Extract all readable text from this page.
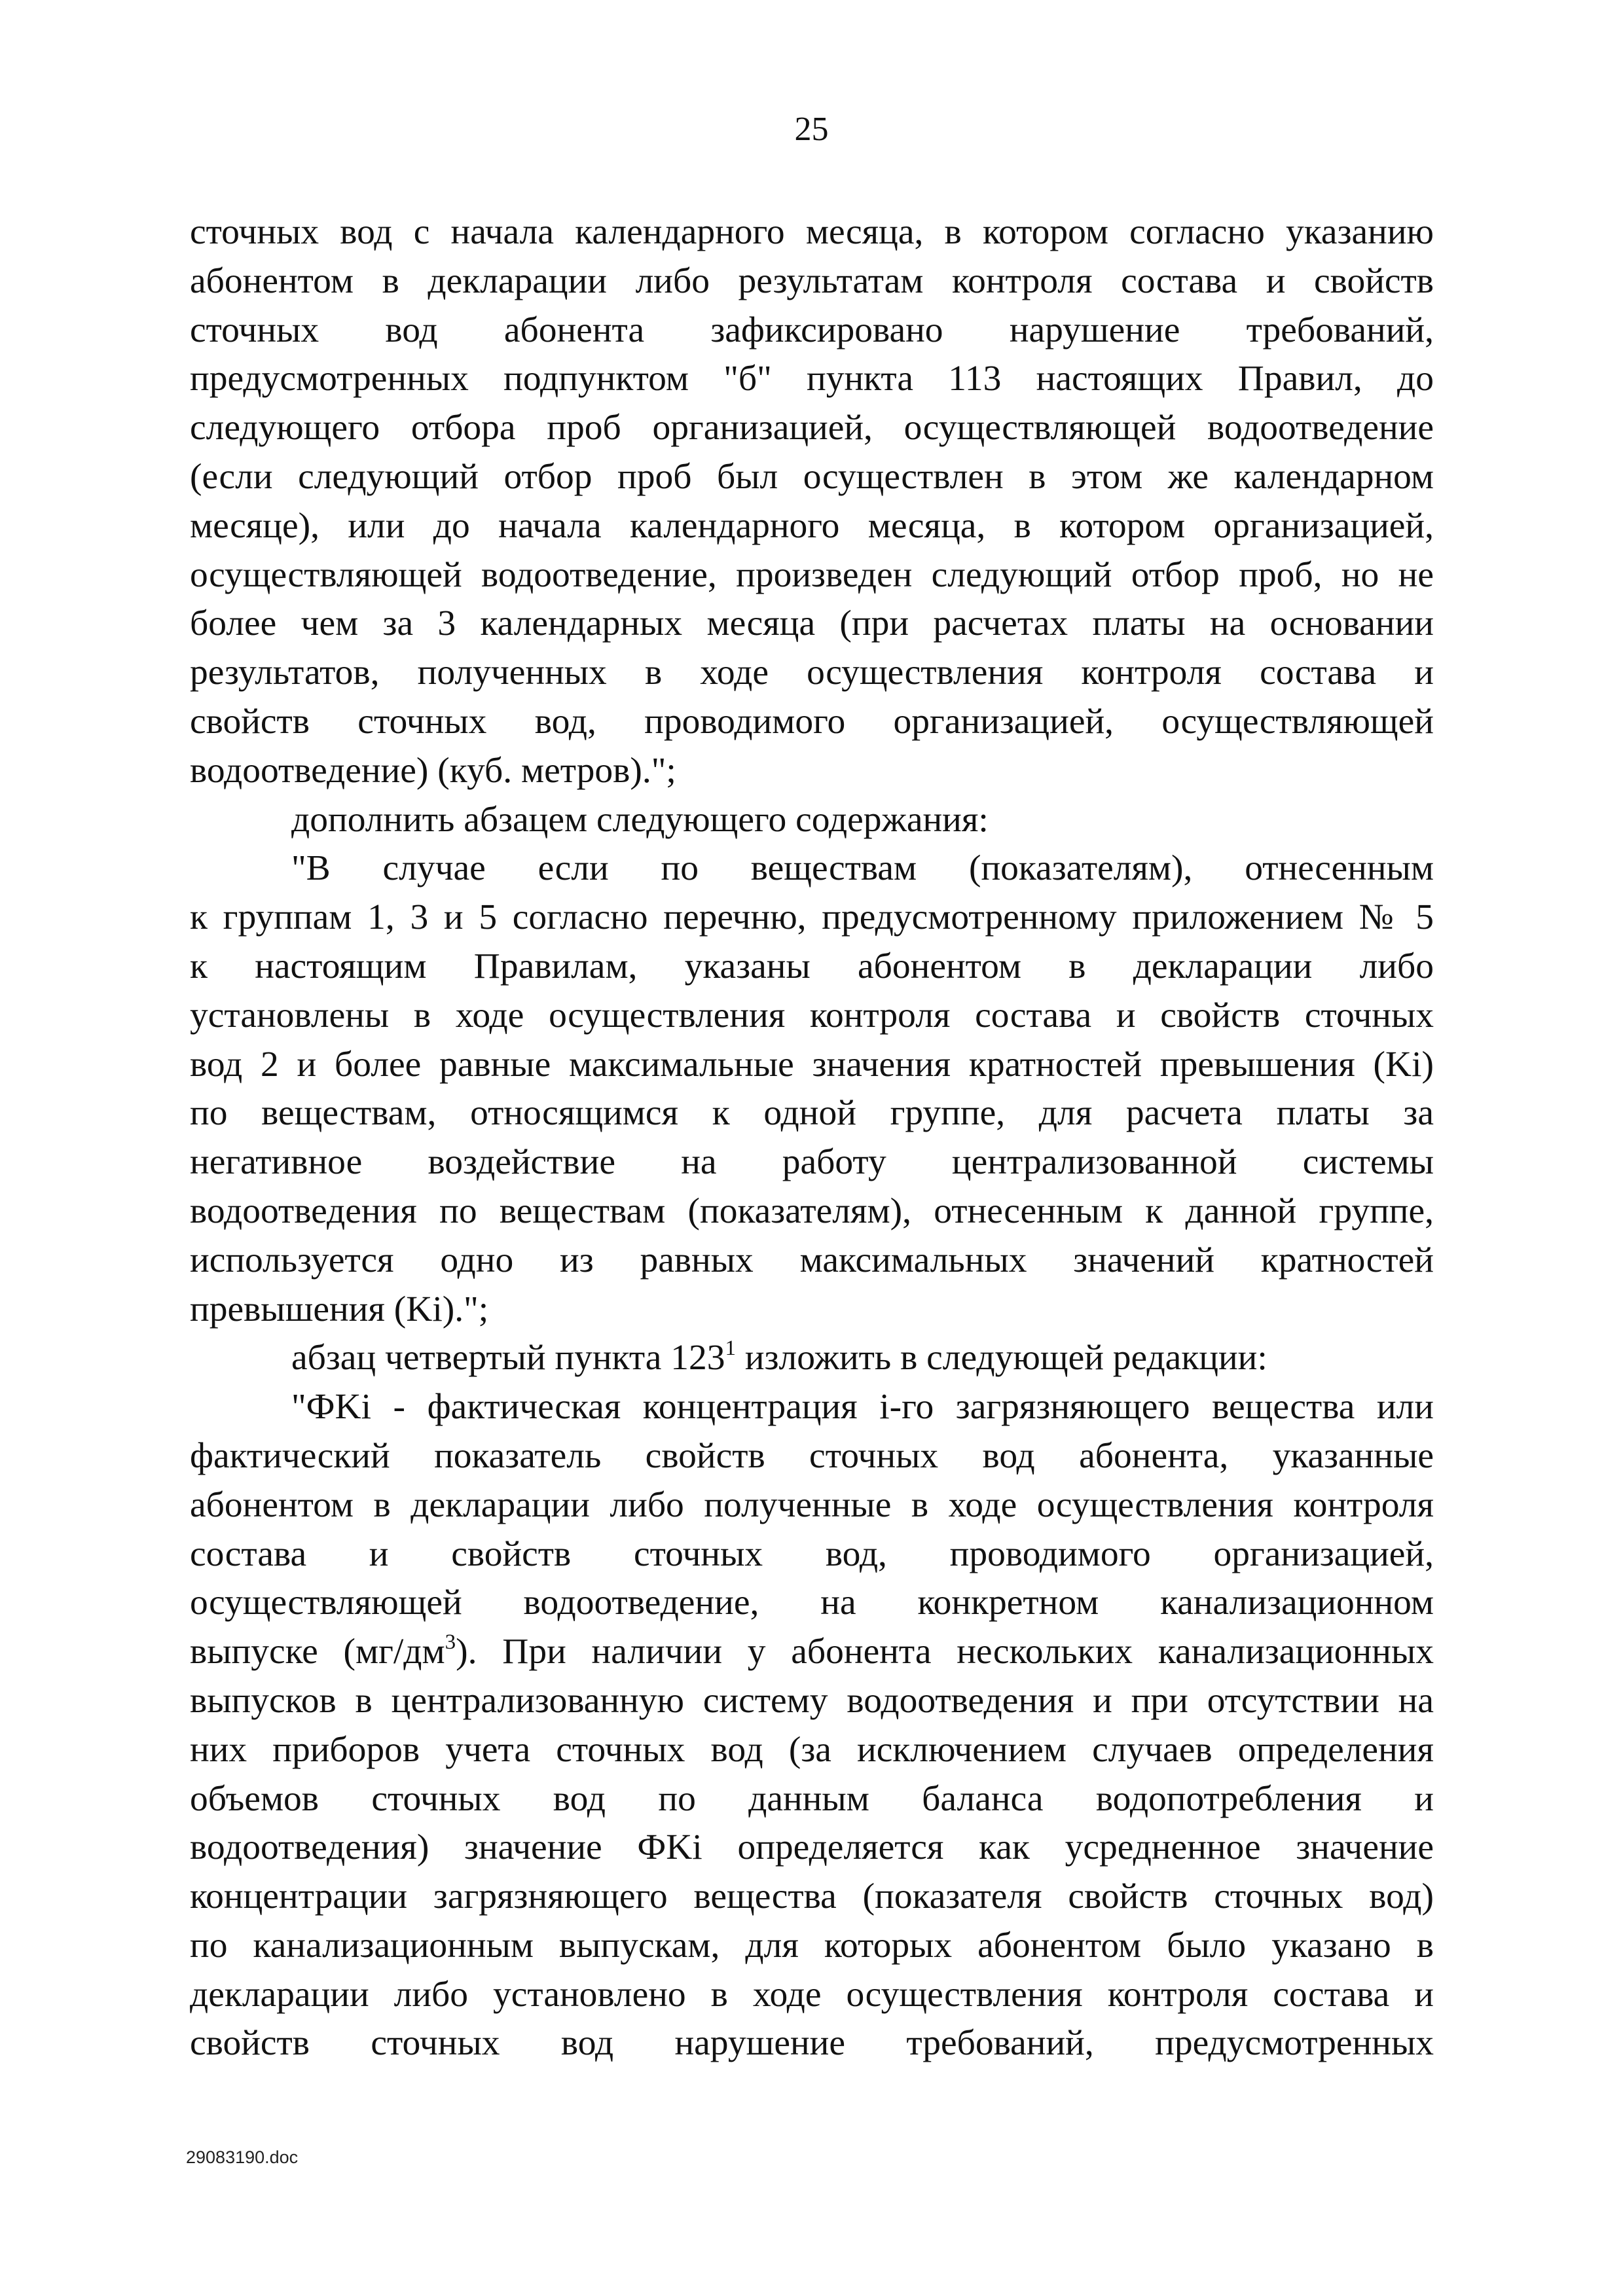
25
сточных вод с начала календарного месяца, в котором согласно указанию
абонентом в декларации либо результатам контроля состава и свойств
сточных вод абонента зафиксировано нарушение требований,
предусмотренных подпунктом "б" пункта 113 настоящих Правил, до
следующего отбора проб организацией, осуществляющей водоотведение
(если следующий отбор проб был осуществлен в этом же календарном
месяце), или до начала календарного месяца, в котором организацией,
осуществляющей водоотведение, произведен следующий отбор проб, но не
более чем за 3 календарных месяца (при расчетах платы на основании
результатов, полученных в ходе осуществления контроля состава и
свойств сточных вод, проводимого организацией, осуществляющей
водоотведение) (куб. метров).";
дополнить абзацем следующего содержания:
"В случае если по веществам (показателям), отнесенным
к группам 1, 3 и 5 согласно перечню, предусмотренному приложением № 5
к настоящим Правилам, указаны абонентом в декларации либо
установлены в ходе осуществления контроля состава и свойств сточных
вод 2 и более равные максимальные значения кратностей превышения (Ki)
по веществам, относящимся к одной группе, для расчета платы за
негативное воздействие на работу централизованной системы
водоотведения по веществам (показателям), отнесенным к данной группе,
используется одно из равных максимальных значений кратностей
превышения (Ki).";
абзац четвертый пункта $123^1$ изложить в следующей редакции:
"ФKi - фактическая концентрация i-го загрязняющего вещества или
фактический показатель свойств сточных вод абонента, указанные
абонентом в декларации либо полученные в ходе осуществления контроля
состава и свойств сточных вод, проводимого организацией,
осуществляющей водоотведение, на конкретном канализационном
выпуске $(мг/дм^3)$. При наличии у абонента нескольких канализационных
выпусков в централизованную систему водоотведения и при отсутствии на
них приборов учета сточных вод (за исключением случаев определения
объемов сточных вод по данным баланса водопотребления и
водоотведения) значение ФKi определяется как усредненное значение
концентрации загрязняющего вещества (показателя свойств сточных вод)
по канализационным выпускам, для которых абонентом было указано в
декларации либо установлено в ходе осуществления контроля состава и
свойств сточных вод нарушение требований, предусмотренных
29083190.doc
